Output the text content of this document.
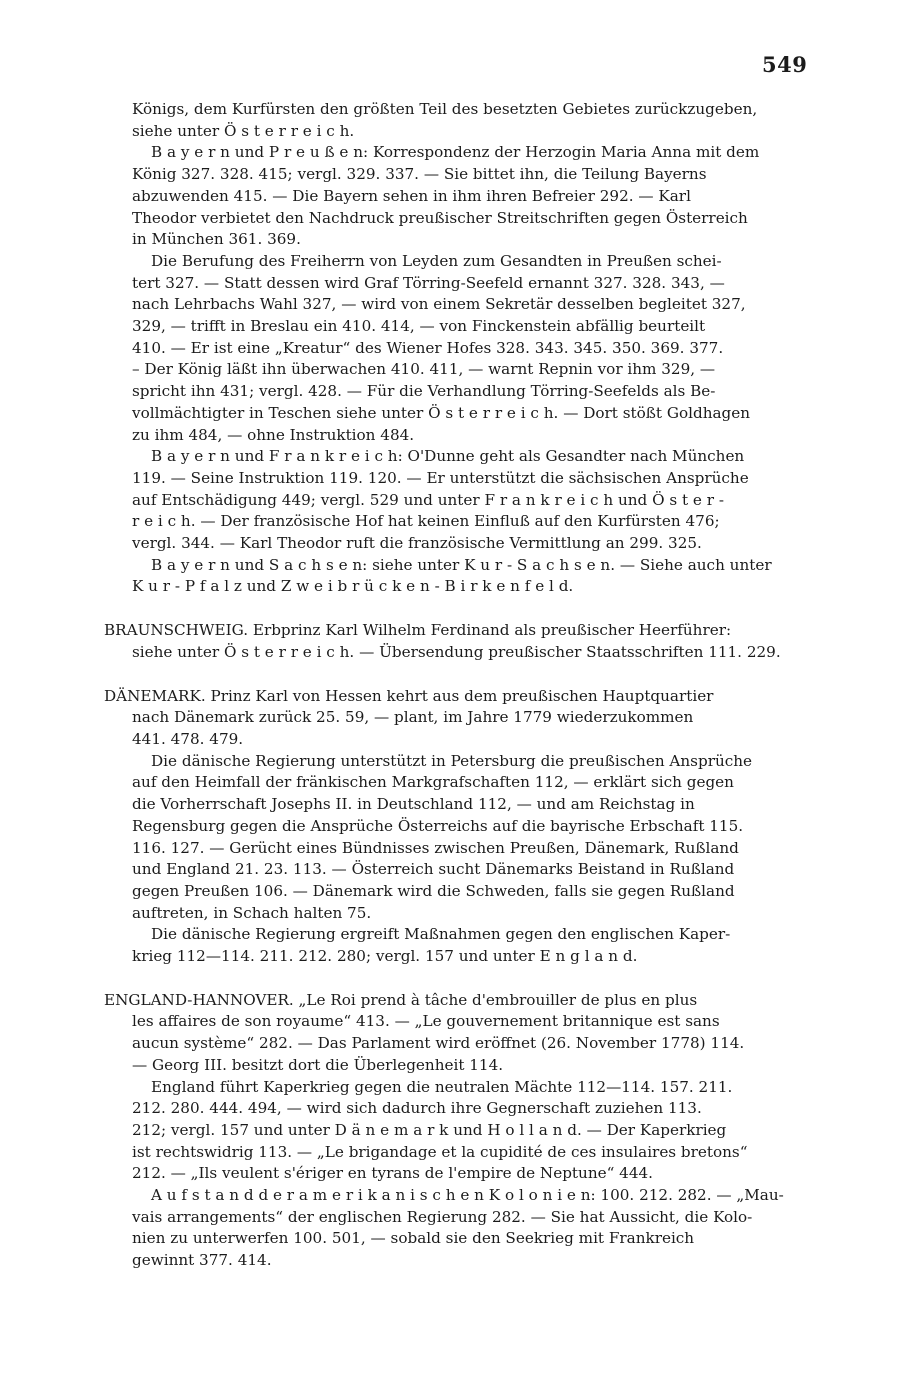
549
Königs, dem Kurfürsten den größten Teil des besetzten Gebietes zurückzugeben,
siehe unter Ö s t e r r e i c h.
B a y e r n und P r e u ß e n: Korrespondenz der Herzogin Maria Anna mit dem
König 327. 328. 415; vergl. 329. 337. — Sie bittet ihn, die Teilung Bayerns
abzuwenden 415. — Die Bayern sehen in ihm ihren Befreier 292. — Karl
Theodor verbietet den Nachdruck preußischer Streitschriften gegen Österreich
in München 361. 369.
Die Berufung des Freiherrn von Leyden zum Gesandten in Preußen schei-
tert 327. — Statt dessen wird Graf Törring-Seefeld ernannt 327. 328. 343, —
nach Lehrbachs Wahl 327, — wird von einem Sekretär desselben begleitet 327,
329, — trifft in Breslau ein 410. 414, — von Finckenstein abfällig beurteilt
410. — Er ist eine „Kreatur“ des Wiener Hofes 328. 343. 345. 350. 369. 377.
– Der König läßt ihn überwachen 410. 411, — warnt Repnin vor ihm 329, —
spricht ihn 431; vergl. 428. — Für die Verhandlung Törring-Seefelds als Be-
vollmächtigter in Teschen siehe unter Ö s t e r r e i c h. — Dort stößt Goldhagen
zu ihm 484, — ohne Instruktion 484.
B a y e r n und F r a n k r e i c h: O'Dunne geht als Gesandter nach München
119. — Seine Instruktion 119. 120. — Er unterstützt die sächsischen Ansprüche
auf Entschädigung 449; vergl. 529 und unter F r a n k r e i c h und Ö s t e r -
r e i c h. — Der französische Hof hat keinen Einfluß auf den Kurfürsten 476;
vergl. 344. — Karl Theodor ruft die französische Vermittlung an 299. 325.
B a y e r n und S a c h s e n: siehe unter K u r - S a c h s e n. — Siehe auch unter
K u r - P f a l z und Z w e i b r ü c k e n - B i r k e n f e l d.
BRAUNSCHWEIG. Erbprinz Karl Wilhelm Ferdinand als preußischer Heerführer:
siehe unter Ö s t e r r e i c h. — Übersendung preußischer Staatsschriften 111. 229.
DÄNEMARK. Prinz Karl von Hessen kehrt aus dem preußischen Hauptquartier
nach Dänemark zurück 25. 59, — plant, im Jahre 1779 wiederzukommen
441. 478. 479.
Die dänische Regierung unterstützt in Petersburg die preußischen Ansprüche
auf den Heimfall der fränkischen Markgrafschaften 112, — erklärt sich gegen
die Vorherrschaft Josephs II. in Deutschland 112, — und am Reichstag in
Regensburg gegen die Ansprüche Österreichs auf die bayrische Erbschaft 115.
116. 127. — Gerücht eines Bündnisses zwischen Preußen, Dänemark, Rußland
und England 21. 23. 113. — Österreich sucht Dänemarks Beistand in Rußland
gegen Preußen 106. — Dänemark wird die Schweden, falls sie gegen Rußland
auftreten, in Schach halten 75.
Die dänische Regierung ergreift Maßnahmen gegen den englischen Kaper-
krieg 112—114. 211. 212. 280; vergl. 157 und unter E n g l a n d.
ENGLAND-HANNOVER. „Le Roi prend à tâche d'embrouiller de plus en plus
les affaires de son royaume“ 413. — „Le gouvernement britannique est sans
aucun système“ 282. — Das Parlament wird eröffnet (26. November 1778) 114.
— Georg III. besitzt dort die Überlegenheit 114.
England führt Kaperkrieg gegen die neutralen Mächte 112—114. 157. 211.
212. 280. 444. 494, — wird sich dadurch ihre Gegnerschaft zuziehen 113.
212; vergl. 157 und unter D ä n e m a r k und H o l l a n d. — Der Kaperkrieg
ist rechtswidrig 113. — „Le brigandage et la cupidité de ces insulaires bretons“
212. — „Ils veulent s'ériger en tyrans de l'empire de Neptune“ 444.
A u f s t a n d d e r a m e r i k a n i s c h e n K o l o n i e n: 100. 212. 282. — „Mau-
vais arrangements“ der englischen Regierung 282. — Sie hat Aussicht, die Kolo-
nien zu unterwerfen 100. 501, — sobald sie den Seekrieg mit Frankreich
gewinnt 377. 414.
